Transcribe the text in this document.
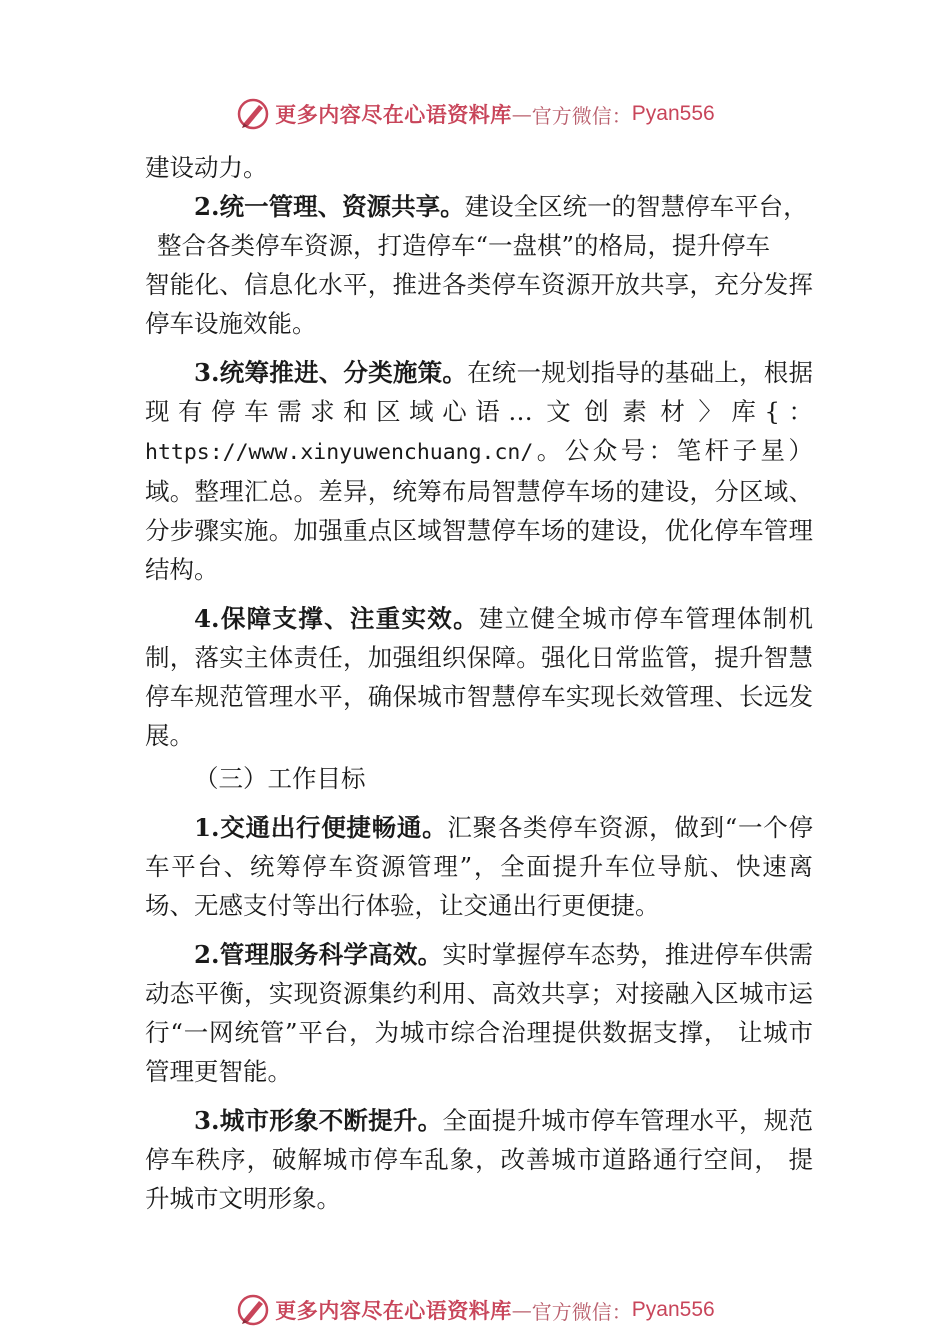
更多内容尽在心语资料库 — 官方微信： Pyan556

建设动力。

2.统一管理、资源共享。建设全区统一的智慧停车平台，

整合各类停车资源，打造停车“一盘棋”的格局，提升停车

智能化、信息化水平，推进各类停车资源开放共享，充分发挥停车设施效能。

3.统筹推进、分类施策。在统一规划指导的基础上，根据现有停车需求和区域心语…文创素材〉库{：https://www.xinyuwenchuang.cn/。公众号：笔杆子星）域。整理汇总。差异，统筹布局智慧停车场的建设，分区域、分步骤实施。加强重点区域智慧停车场的建设，优化停车管理结构。

4.保障支撑、注重实效。建立健全城市停车管理体制机制，落实主体责任，加强组织保障。强化日常监管，提升智慧停车规范管理水平，确保城市智慧停车实现长效管理、长远发展。

（三）工作目标

1.交通出行便捷畅通。汇聚各类停车资源，做到“一个停车平台、统筹停车资源管理”，全面提升车位导航、快速离场、无感支付等出行体验，让交通出行更便捷。

2.管理服务科学高效。实时掌握停车态势，推进停车供需动态平衡，实现资源集约利用、高效共享；对接融入区城市运行“一网统管”平台，为城市综合治理提供数据支撑， 让城市管理更智能。

3.城市形象不断提升。全面提升城市停车管理水平，规范停车秩序，破解城市停车乱象，改善城市道路通行空间， 提升城市文明形象。

更多内容尽在心语资料库 — 官方微信： Pyan556
